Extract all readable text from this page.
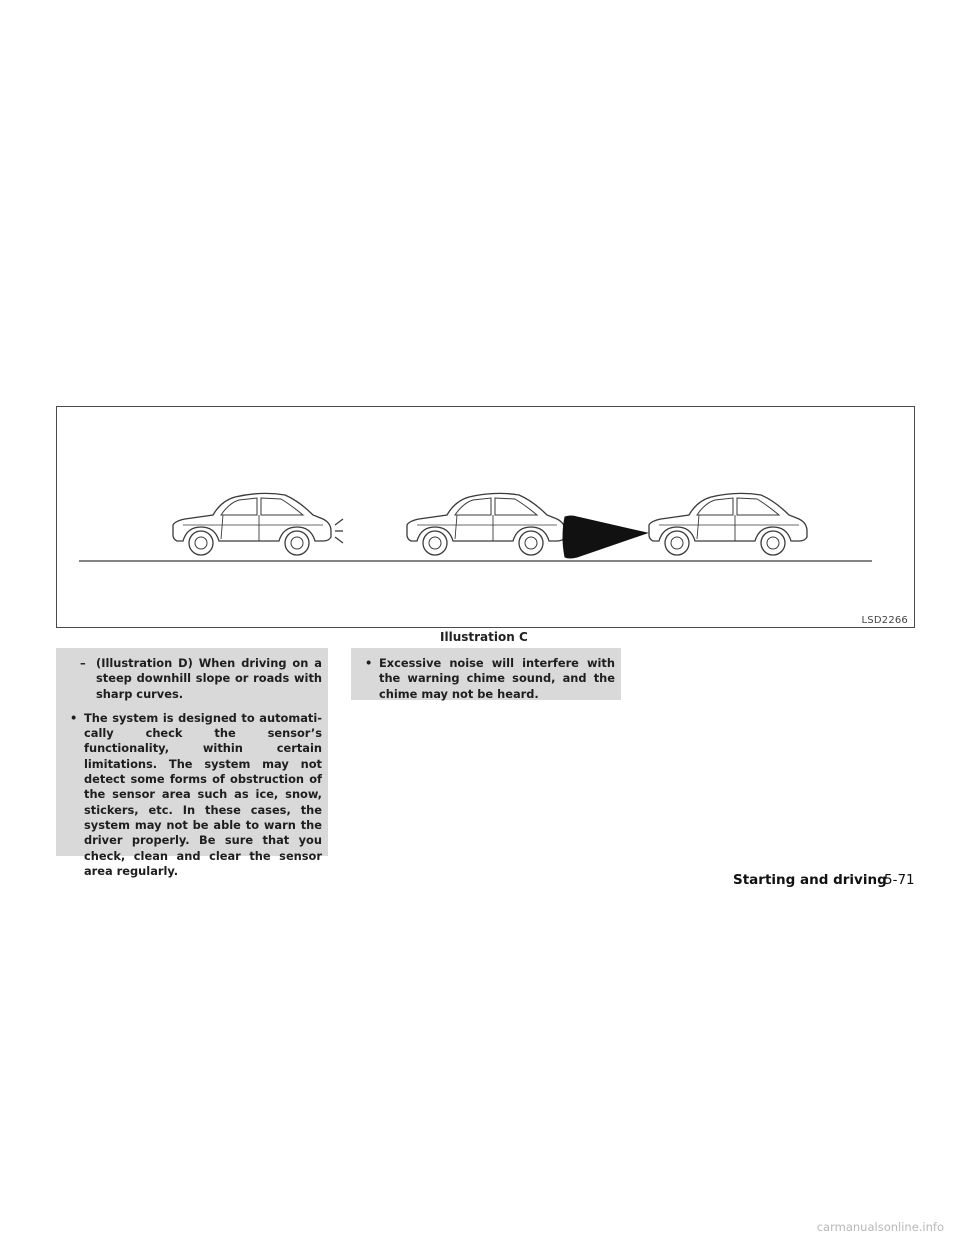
LSD2266
Illustration C
– (Illustration D) When driving on a steep downhill slope or roads with sharp curves.
• The system is designed to automatically check the sensor’s functionality, within certain limitations. The system may not detect some forms of obstruction of the sensor area such as ice, snow, stickers, etc. In these cases, the system may not be able to warn the driver properly. Be sure that you check, clean and clear the sensor area regularly.
• Excessive noise will interfere with the warning chime sound, and the chime may not be heard.
Starting and driving
5-71
carmanualsonline.info
